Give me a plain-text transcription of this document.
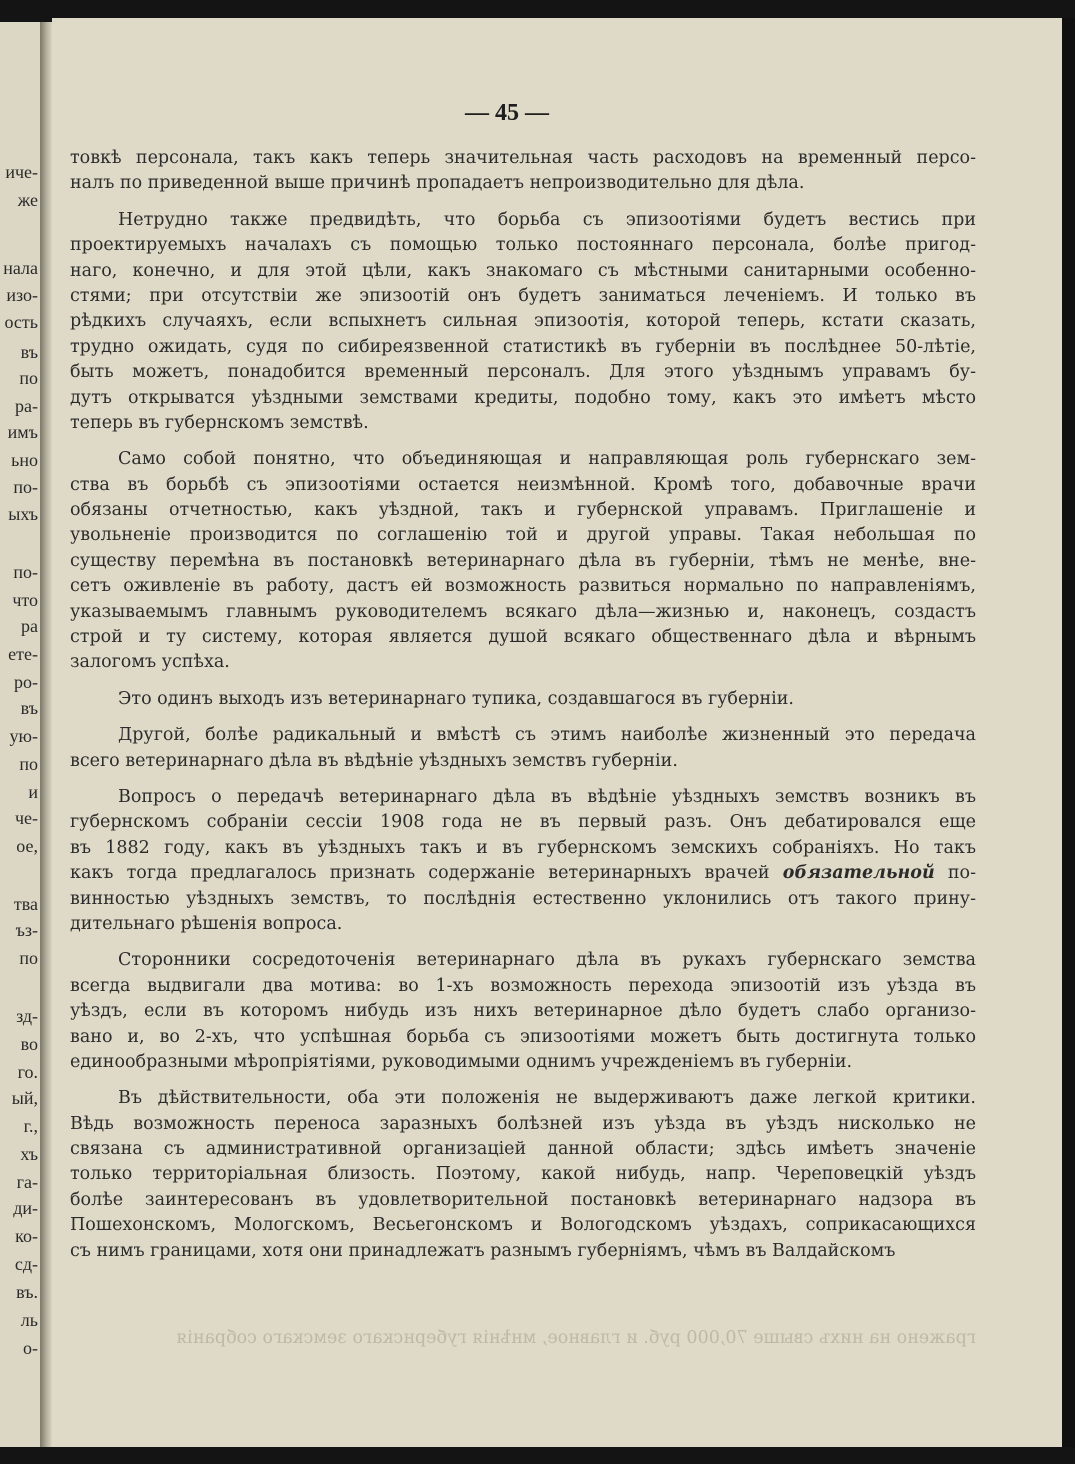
иче-
же
нала
изо-
ость
въ
по
ра-
имъ
ьно
по-
ыхъ
по-
что
ра
ете-
ро-
въ
ую-
по
и
че-
ое,
тва
ъз-
по
зд-
во
го.
ый,
г.,
хъ
га-
ди-
ко-
сд-
въ.
ль
о-
— 45 —
товкѣ персонала, такъ какъ теперь значительная часть расходовъ на временный персо-
налъ по приведенной выше причинѣ пропадаетъ непроизводительно для дѣла.
Нетрудно также предвидѣть, что борьба съ эпизоотіями будетъ вестись при
проектируемыхъ началахъ съ помощью только постояннаго персонала, болѣе пригод-
наго, конечно, и для этой цѣли, какъ знакомаго съ мѣстными санитарными особенно-
стями; при отсутствіи же эпизоотій онъ будетъ заниматься леченіемъ. И только въ
рѣдкихъ случаяхъ, если вспыхнетъ сильная эпизоотія, которой теперь, кстати сказать,
трудно ожидать, судя по сибиреязвенной статистикѣ въ губерніи въ послѣднее 50-лѣтіе,
быть можетъ, понадобится временный персоналъ. Для этого уѣзднымъ управамъ бу-
дутъ открыватся уѣздными земствами кредиты, подобно тому, какъ это имѣетъ мѣсто
теперь въ губернскомъ земствѣ.
Само собой понятно, что объединяющая и направляющая роль губернскаго зем-
ства въ борьбѣ съ эпизоотіями остается неизмѣнной. Кромѣ того, добавочные врачи
обязаны отчетностью, какъ уѣздной, такъ и губернской управамъ. Приглашеніе и
увольненіе производится по соглашенію той и другой управы. Такая небольшая по
существу перемѣна въ постановкѣ ветеринарнаго дѣла въ губерніи, тѣмъ не менѣе, вне-
сетъ оживленіе въ работу, дастъ ей возможность развиться нормально по направленіямъ,
указываемымъ главнымъ руководителемъ всякаго дѣла—жизнью и, наконецъ, создастъ
строй и ту систему, которая является душой всякаго общественнаго дѣла и вѣрнымъ
залогомъ успѣха.
Это одинъ выходъ изъ ветеринарнаго тупика, создавшагося въ губерніи.
Другой, болѣе радикальный и вмѣстѣ съ этимъ наиболѣе жизненный это передача
всего ветеринарнаго дѣла въ вѣдѣніе уѣздныхъ земствъ губерніи.
Вопросъ о передачѣ ветеринарнаго дѣла въ вѣдѣніе уѣздныхъ земствъ возникъ въ
губернскомъ собраніи сессіи 1908 года не въ первый разъ. Онъ дебатировался еще
въ 1882 году, какъ въ уѣздныхъ такъ и въ губернскомъ земскихъ собраніяхъ. Но такъ
какъ тогда предлагалось признать содержаніе ветеринарныхъ врачей обязательной по-
винностью уѣздныхъ земствъ, то послѣднія естественно уклонились отъ такого прину-
дительнаго рѣшенія вопроса.
Сторонники сосредоточенія ветеринарнаго дѣла въ рукахъ губернскаго земства
всегда выдвигали два мотива: во 1-хъ возможность перехода эпизоотій изъ уѣзда въ
уѣздъ, если въ которомъ нибудь изъ нихъ ветеринарное дѣло будетъ слабо организо-
вано и, во 2-хъ, что успѣшная борьба съ эпизоотіями можетъ быть достигнута только
единообразными мѣропріятіями, руководимыми однимъ учрежденіемъ въ губерніи.
Въ дѣйствительности, оба эти положенія не выдерживаютъ даже легкой критики.
Вѣдь возможность переноса заразныхъ болѣзней изъ уѣзда въ уѣздъ нисколько не
связана съ административной организаціей данной области; здѣсь имѣетъ значеніе
только территоріальная близость. Поэтому, какой нибудь, напр. Череповецкій уѣздъ
болѣе заинтересованъ въ удовлетворительной постановкѣ ветеринарнаго надзора въ
Пошехонскомъ, Мологскомъ, Весьегонскомъ и Вологодскомъ уѣздахъ, соприкасающихся
съ нимъ границами, хотя они принадлежатъ разнымъ губерніямъ, чѣмъ въ Валдайскомъ
гражено на нихъ свыше 70,000 руб. и главное, мнѣнія губернскаго земскаго собранія
